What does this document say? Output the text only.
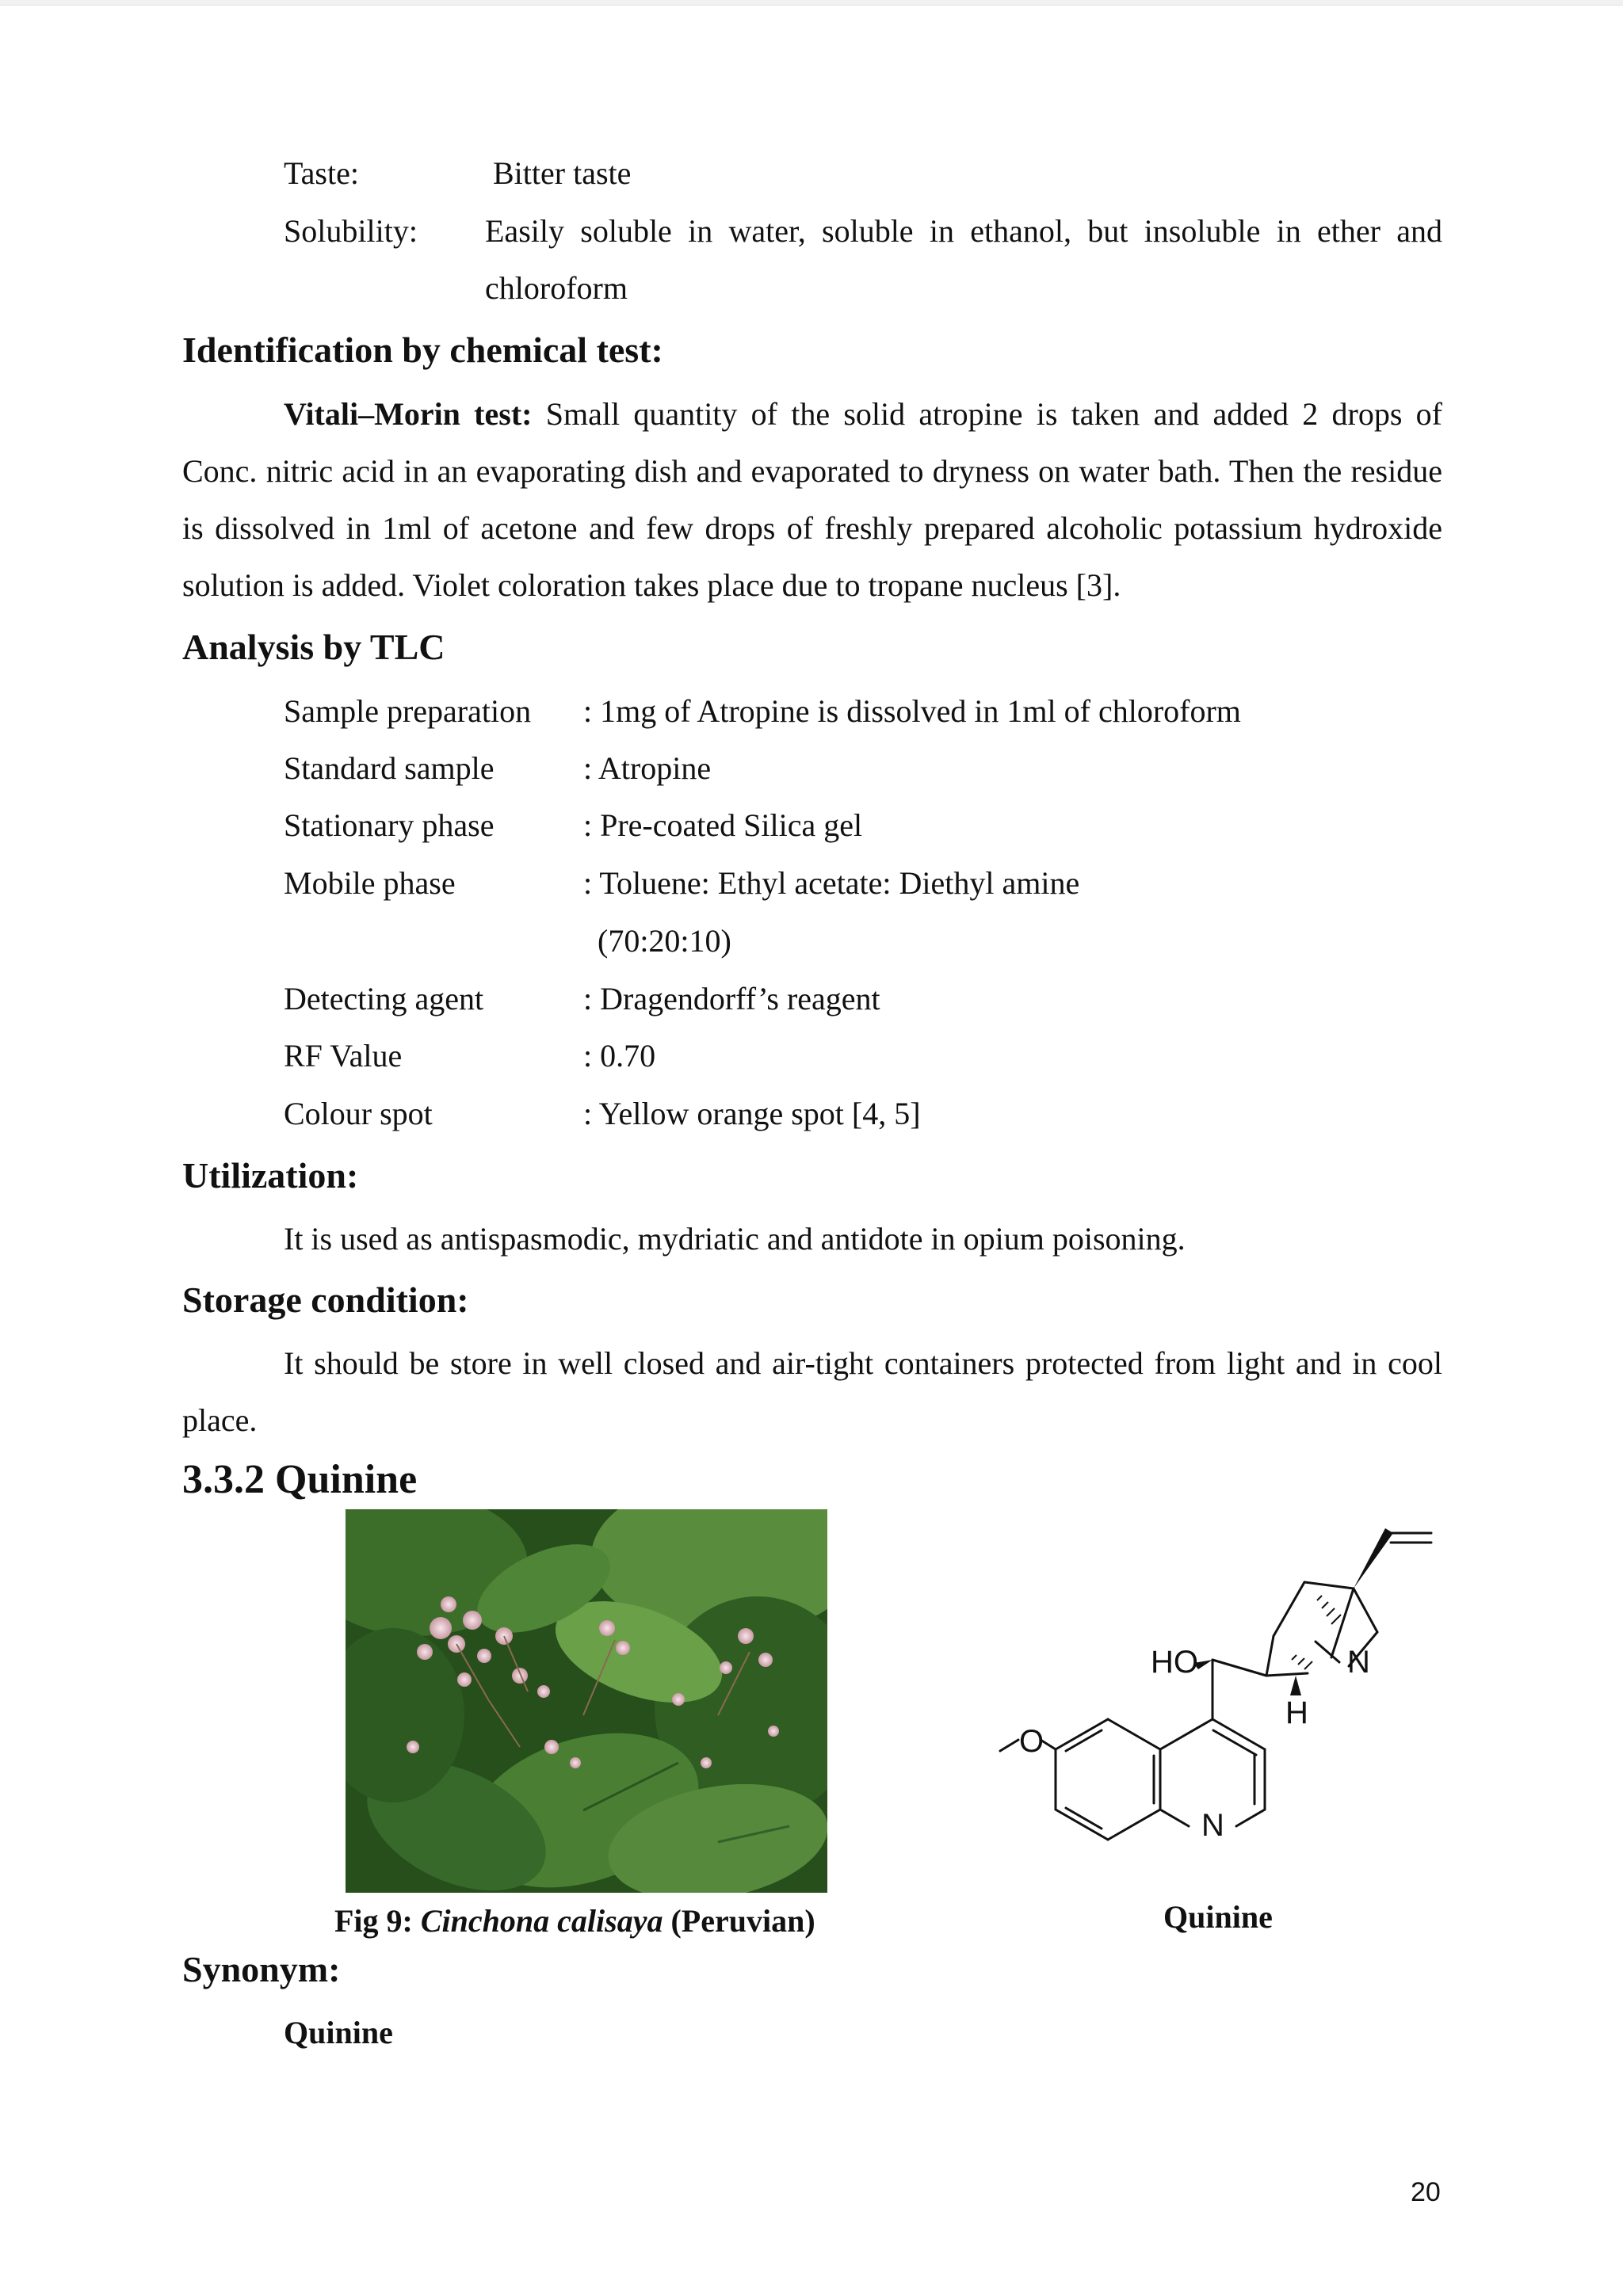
Taste:	Bitter taste
Solubility: Easily soluble in water, soluble in ethanol, but insoluble in ether and chloroform
Identification by chemical test:
Vitali–Morin test: Small quantity of the solid atropine is taken and added 2 drops of Conc. nitric acid in an evaporating dish and evaporated to dryness on water bath. Then the residue is dissolved in 1ml of acetone and few drops of freshly prepared alcoholic potassium hydroxide solution is added. Violet coloration takes place due to tropane nucleus [3].
Analysis by TLC
Sample preparation : 1mg of Atropine is dissolved in 1ml of chloroform
Standard sample	: Atropine
Stationary phase	: Pre-coated Silica gel
Mobile phase	: Toluene: Ethyl acetate: Diethyl amine
(70:20:10)
Detecting agent	: Dragendorff’s reagent
RF Value	: 0.70
Colour spot	: Yellow orange spot [4, 5]
Utilization:
It is used as antispasmodic, mydriatic and antidote in opium poisoning.
Storage condition:
It should be store in well closed and air-tight containers protected from light and in cool place.
3.3.2 Quinine
Fig 9: Cinchona calisaya (Peruvian)
HO	N
H
O
N
Quinine
Synonym:
Quinine
20
